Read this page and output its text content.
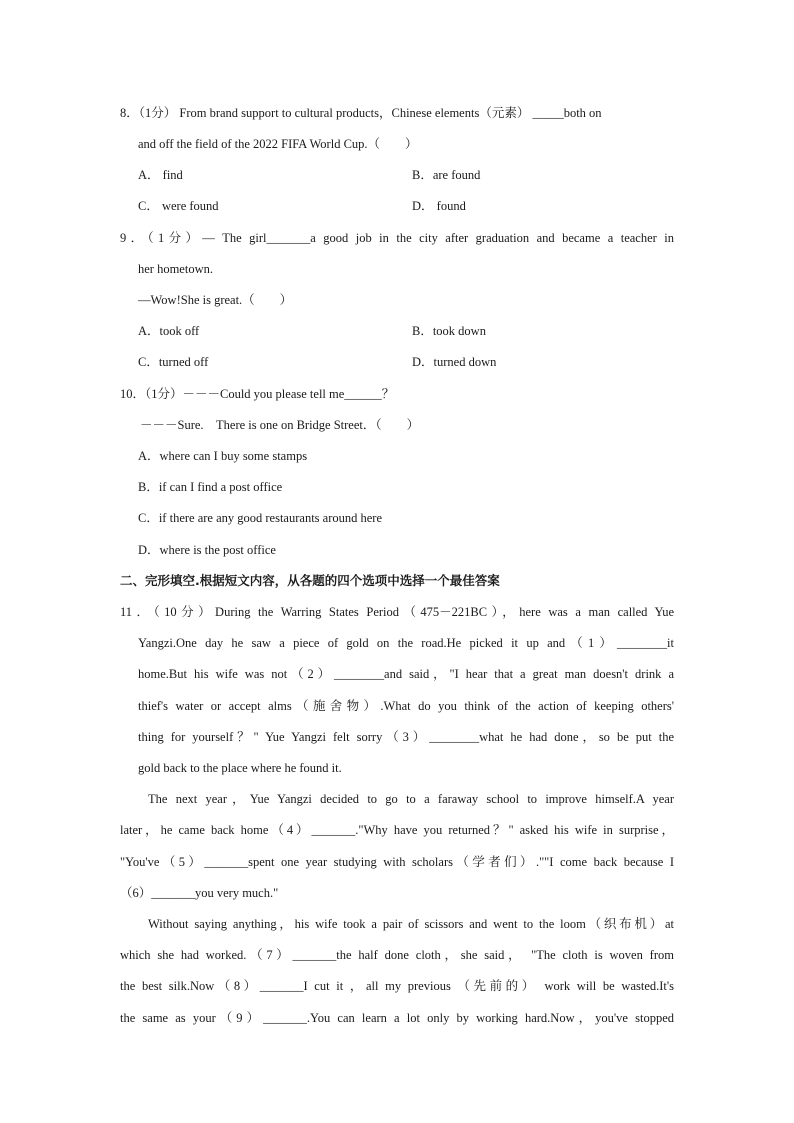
8．（1分） From brand support to cultural products，Chinese elements（元素） _____both on
and off the field of the 2022 FIFA World Cup.（　　）
A． find	B．are found
C． were found	D． found
9．（1分）— The girl_______a good job in the city after graduation and became a teacher in
her hometown.
—Wow!She is great.（　　）
A．took off	B．took down
C．turned off	D．turned down
10．（1分）－－－Could you please tell me______？
－－－Sure.　There is one on Bridge Street．（　　）
A．where can I buy some stamps
B．if can I find a post office
C．if there are any good restaurants around here
D．where is the post office
二、完形填空.根据短文内容，从各题的四个选项中选择一个最佳答案
11．（10分）During the Warring States Period（475－221BC），here was a man called Yue
Yangzi.One day he saw a piece of gold on the road.He picked it up and（1）________it
home.But his wife was not（2）________and said，"I hear that a great man doesn't drink a
thief's water or accept alms（施舍物）.What do you think of the action of keeping others'
thing for yourself？" Yue Yangzi felt sorry（3）________what he had done，so be put the
gold back to the place where he found it.
The next year，Yue Yangzi decided to go to a faraway school to improve himself.A year
later，he came back home（4）_______."Why have you returned？" asked his wife in surprise，
"You've（5）_______spent one year studying with scholars（学者们）.""I come back because I
（6）_______you very much."
Without saying anything，his wife took a pair of scissors and went to the loom（织布机）at
which she had worked.（7）_______the half done cloth，she said， "The cloth is woven from
the best silk.Now（8）_______I cut it ，all my previous （先前的） work will be wasted.It's
the same as your（9）_______.You can learn a lot only by working hard.Now，you've stopped
